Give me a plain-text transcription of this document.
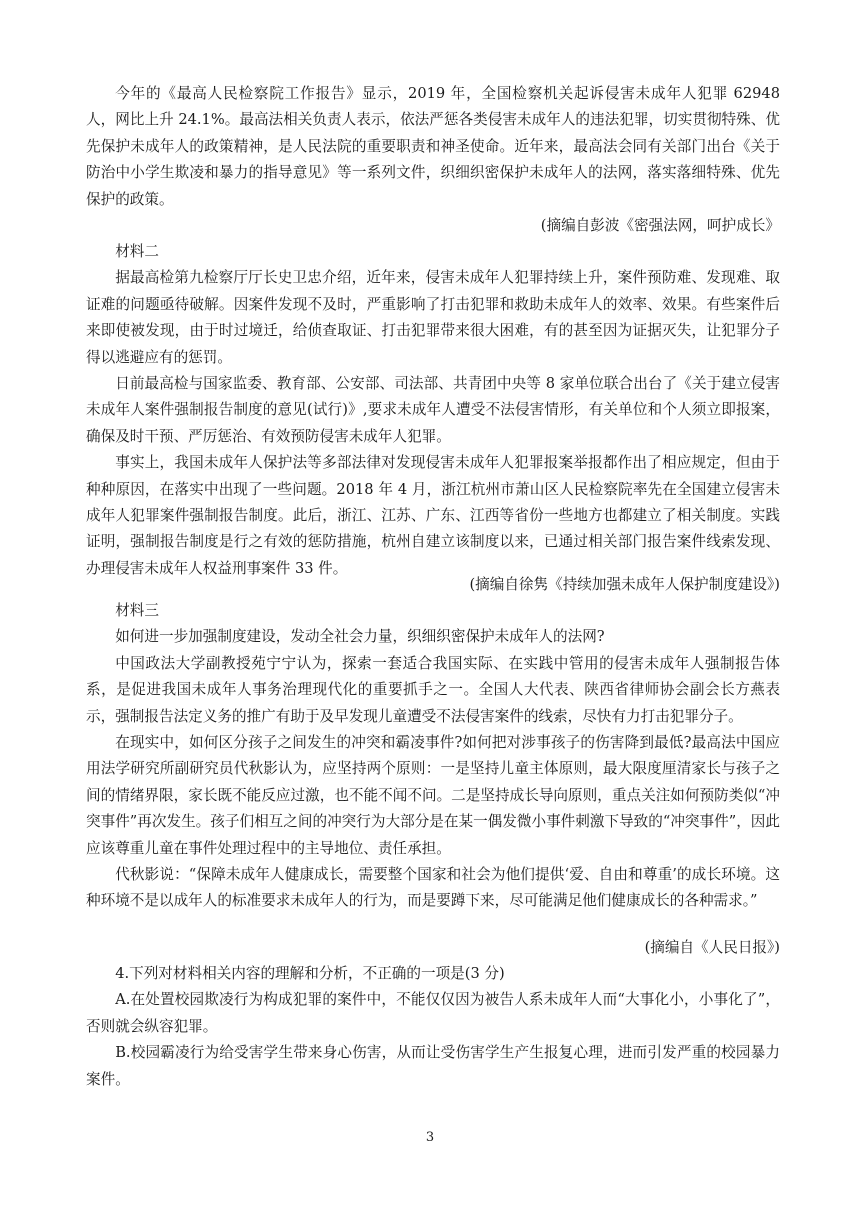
今年的《最高人民检察院工作报告》显示，2019 年，全国检察机关起诉侵害未成年人犯罪 62948 人，网比上升 24.1%。最高法相关负责人表示，依法严惩各类侵害未成年人的违法犯罪，切实贯彻特殊、优先保护未成年人的政策精神，是人民法院的重要职责和神圣使命。近年来，最高法会同有关部门出台《关于防治中小学生欺凌和暴力的指导意见》等一系列文件，织细织密保护未成年人的法网，落实落细特殊、优先保护的政策。

(摘编自彭波《密强法网，呵护成长》

材料二

据最高检第九检察厅厅长史卫忠介绍，近年来，侵害未成年人犯罪持续上升，案件预防难、发现难、取证难的问题亟待破解。因案件发现不及时，严重影响了打击犯罪和救助未成年人的效率、效果。有些案件后来即使被发现，由于时过境迁，给侦查取证、打击犯罪带来很大困难，有的甚至因为证据灭失，让犯罪分子得以逃避应有的惩罚。

日前最高检与国家监委、教育部、公安部、司法部、共青团中央等 8 家单位联合出台了《关于建立侵害未成年人案件强制报告制度的意见(试行)》,要求未成年人遭受不法侵害情形，有关单位和个人须立即报案，确保及时干预、严厉惩治、有效预防侵害未成年人犯罪。

事实上，我国未成年人保护法等多部法律对发现侵害未成年人犯罪报案举报都作出了相应规定，但由于种种原因，在落实中出现了一些问题。2018 年 4 月，浙江杭州市萧山区人民检察院率先在全国建立侵害未成年人犯罪案件强制报告制度。此后，浙江、江苏、广东、江西等省份一些地方也都建立了相关制度。实践证明，强制报告制度是行之有效的惩防措施，杭州自建立该制度以来，已通过相关部门报告案件线索发现、办理侵害未成年人权益刑事案件 33 件。

(摘编自徐隽《持续加强未成年人保护制度建设》)

材料三

如何进一步加强制度建设，发动全社会力量，织细织密保护未成年人的法网?

中国政法大学副教授苑宁宁认为，探索一套适合我国实际、在实践中管用的侵害未成年人强制报告体系，是促进我国未成年人事务治理现代化的重要抓手之一。全国人大代表、陕西省律师协会副会长方燕表示，强制报告法定义务的推广有助于及早发现儿童遭受不法侵害案件的线索，尽快有力打击犯罪分子。

在现实中，如何区分孩子之间发生的冲突和霸凌事件?如何把对涉事孩子的伤害降到最低?最高法中国应用法学研究所副研究员代秋影认为，应坚持两个原则：一是坚持儿童主体原则，最大限度厘清家长与孩子之间的情绪界限，家长既不能反应过激，也不能不闻不问。二是坚持成长导向原则，重点关注如何预防类似“冲突事件”再次发生。孩子们相互之间的冲突行为大部分是在某一偶发微小事件刺激下导致的“冲突事件”，因此应该尊重儿童在事件处理过程中的主导地位、责任承担。

代秋影说：“保障未成年人健康成长，需要整个国家和社会为他们提供‘爱、自由和尊重’的成长环境。这种环境不是以成年人的标准要求未成年人的行为，而是要蹲下来，尽可能满足他们健康成长的各种需求。”

(摘编自《人民日报》)

4.下列对材料相关内容的理解和分析，不正确的一项是(3 分)

A.在处置校园欺凌行为构成犯罪的案件中，不能仅仅因为被告人系未成年人而“大事化小，小事化了”，否则就会纵容犯罪。

B.校园霸凌行为给受害学生带来身心伤害，从而让受伤害学生产生报复心理，进而引发严重的校园暴力案件。

3
